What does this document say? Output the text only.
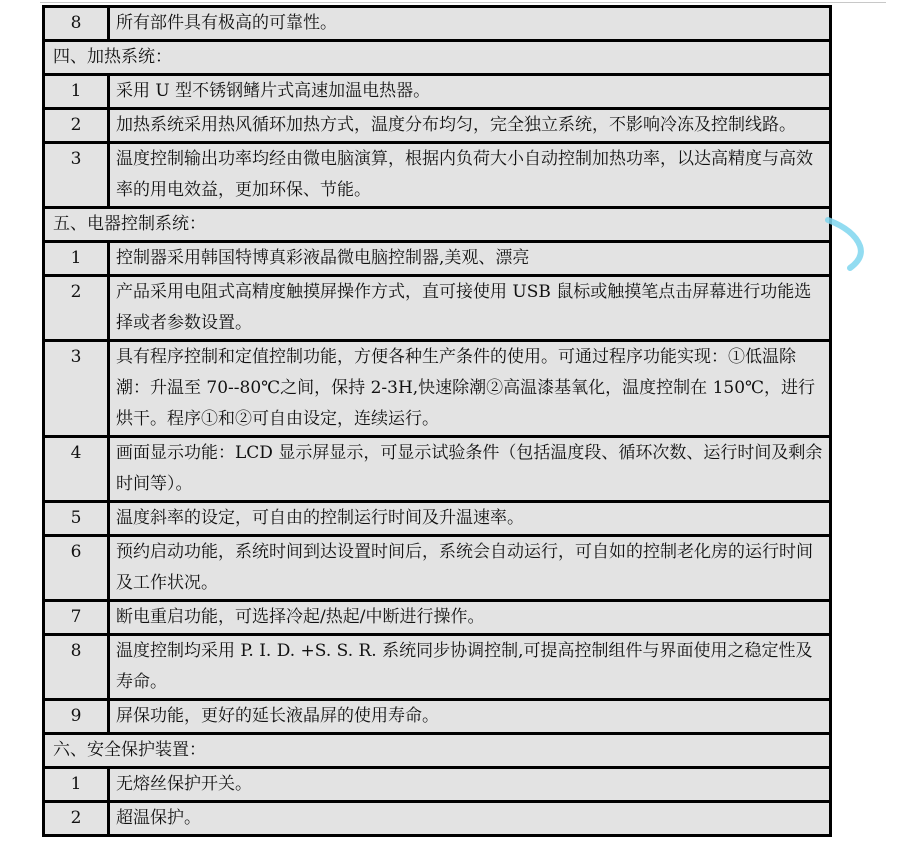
8	所有部件具有极高的可靠性。
四、加热系统：	
1	采用 U 型不锈钢鳍片式高速加温电热器。
2	加热系统采用热风循环加热方式，温度分布均匀，完全独立系统，不影响冷冻及控制线路。
3	温度控制输出功率均经由微电脑演算，根据内负荷大小自动控制加热功率，以达高精度与高效率的用电效益，更加环保、节能。
五、电器控制系统：	
1	控制器采用韩国特博真彩液晶微电脑控制器,美观、漂亮
2	产品采用电阻式高精度触摸屏操作方式，直可接使用 USB 鼠标或触摸笔点击屏幕进行功能选择或者参数设置。
3	具有程序控制和定值控制功能，方便各种生产条件的使用。可通过程序功能实现：①低温除潮：升温至 70--80℃之间，保持 2-3H,快速除潮②高温漆基氧化，温度控制在 150℃，进行烘干。程序①和②可自由设定，连续运行。
4	画面显示功能：LCD 显示屏显示，可显示试验条件（包括温度段、循环次数、运行时间及剩余时间等）。
5	温度斜率的设定，可自由的控制运行时间及升温速率。
6	预约启动功能，系统时间到达设置时间后，系统会自动运行，可自如的控制老化房的运行时间及工作状况。
7	断电重启功能，可选择冷起/热起/中断进行操作。
8	温度控制均采用 P. I. D. +S. S. R. 系统同步协调控制,可提高控制组件与界面使用之稳定性及寿命。
9	屏保功能，更好的延长液晶屏的使用寿命。
六、安全保护装置：	
1	无熔丝保护开关。
2	超温保护。
